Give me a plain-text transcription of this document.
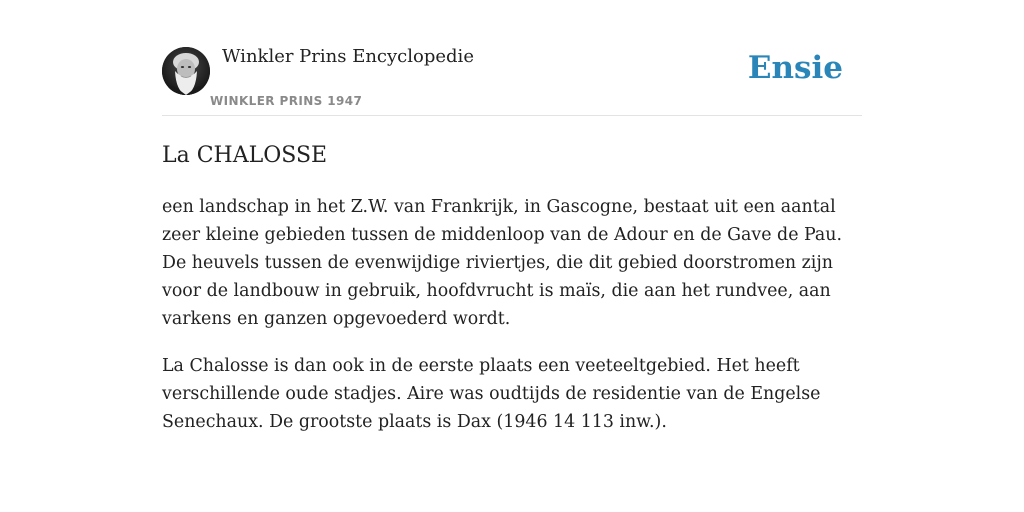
Winkler Prins Encyclopedie
WINKLER PRINS 1947
Ensie
La CHALOSSE

een landschap in het Z.W. van Frankrijk, in Gascogne, bestaat uit een aantal zeer kleine gebieden tussen de middenloop van de Adour en de Gave de Pau. De heuvels tussen de evenwijdige riviertjes, die dit gebied doorstromen zijn voor de landbouw in gebruik, hoofdvrucht is maïs, die aan het rundvee, aan varkens en ganzen opgevoederd wordt.

La Chalosse is dan ook in de eerste plaats een veeteeltgebied. Het heeft verschillende oude stadjes. Aire was oudtijds de residentie van de Engelse Senechaux. De grootste plaats is Dax (1946 14 113 inw.).
